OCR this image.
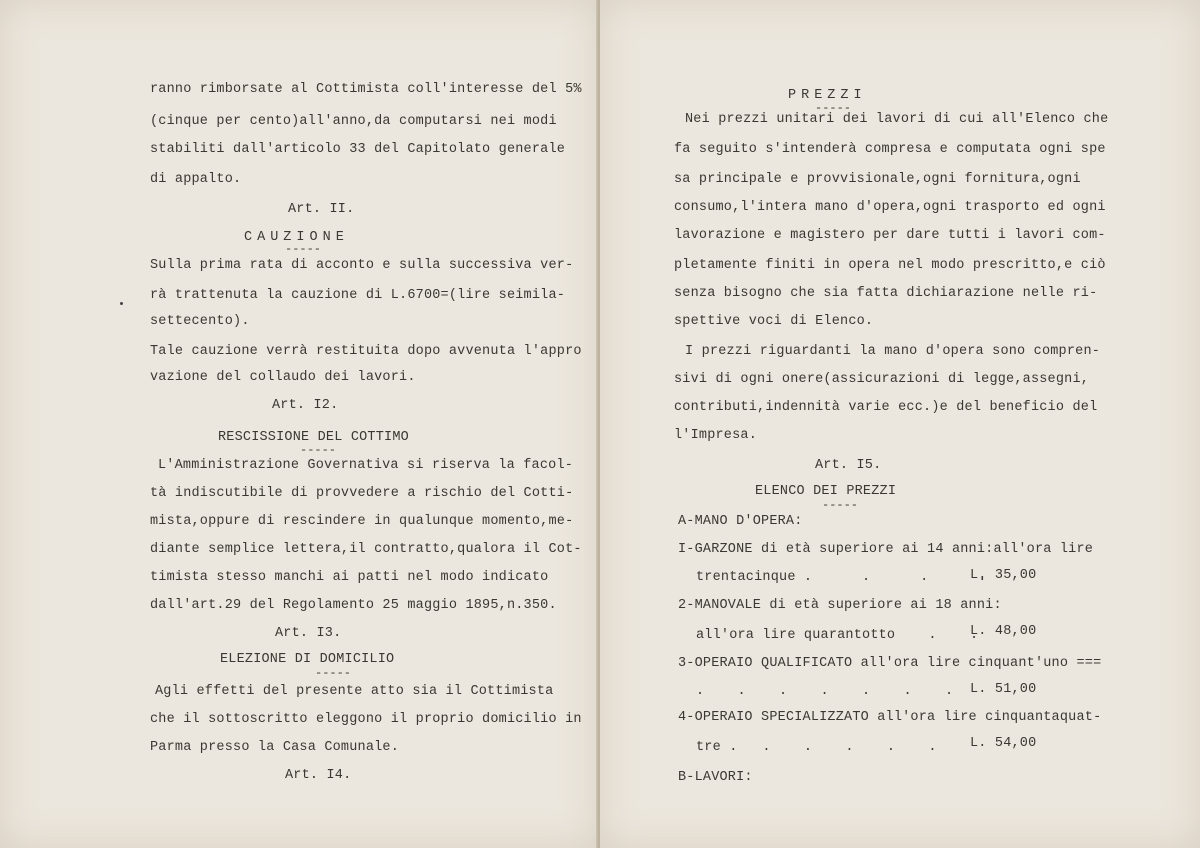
ranno rimborsate al Cottimista coll'interesse del 5%
(cinque per cento)all'anno,da computarsi nei modi
stabiliti dall'articolo 33 del Capitolato generale
di appalto.
Art. II.
CAUZIONE
-----
Sulla prima rata di acconto e sulla successiva ver-
rà trattenuta la cauzione di L.6700=(lire seimila-
settecento).
Tale cauzione verrà restituita dopo avvenuta l'appro
vazione del collaudo dei lavori.
Art. I2.
RESCISSIONE DEL COTTIMO
-----
L'Amministrazione Governativa si riserva la facol-
tà indiscutibile di provvedere a rischio del Cotti-
mista,oppure di rescindere in qualunque momento,me-
diante semplice lettera,il contratto,qualora il Cot-
timista stesso manchi ai patti nel modo indicato
dall'art.29 del Regolamento 25 maggio 1895,n.350.
Art. I3.
ELEZIONE DI DOMICILIO
-----
Agli effetti del presente atto sia il Cottimista
che il sottoscritto eleggono il proprio domicilio in
Parma presso la Casa Comunale.
Art. I4.
PREZZI
-----
Nei prezzi unitari dei lavori di cui all'Elenco che
fa seguito s'intenderà compresa e computata ogni spe
sa principale e provvisionale,ogni fornitura,ogni
consumo,l'intera mano d'opera,ogni trasporto ed ogni
lavorazione e magistero per dare tutti i lavori com-
pletamente finiti in opera nel modo prescritto,e ciò
senza bisogno che sia fatta dichiarazione nelle ri-
spettive voci di Elenco.
I prezzi riguardanti la mano d'opera sono compren-
sivi di ogni onere(assicurazioni di legge,assegni,
contributi,indennità varie ecc.)e del beneficio del
l'Impresa.
Art. I5.
ELENCO DEI PREZZI
-----
A-MANO D'OPERA:
I-GARZONE di età superiore ai 14 anni:all'ora lire
trentacinque .      .      .      .
L. 35,00
2-MANOVALE di età superiore ai 18 anni:
all'ora lire quarantotto    .    .
L. 48,00
3-OPERAIO QUALIFICATO all'ora lire cinquant'uno ===
.    .    .    .    .    .    . L. 51,00
4-OPERAIO SPECIALIZZATO all'ora lire cinquantaquat-
tre .   .    .    .    .    . L. 54,00
B-LAVORI:
